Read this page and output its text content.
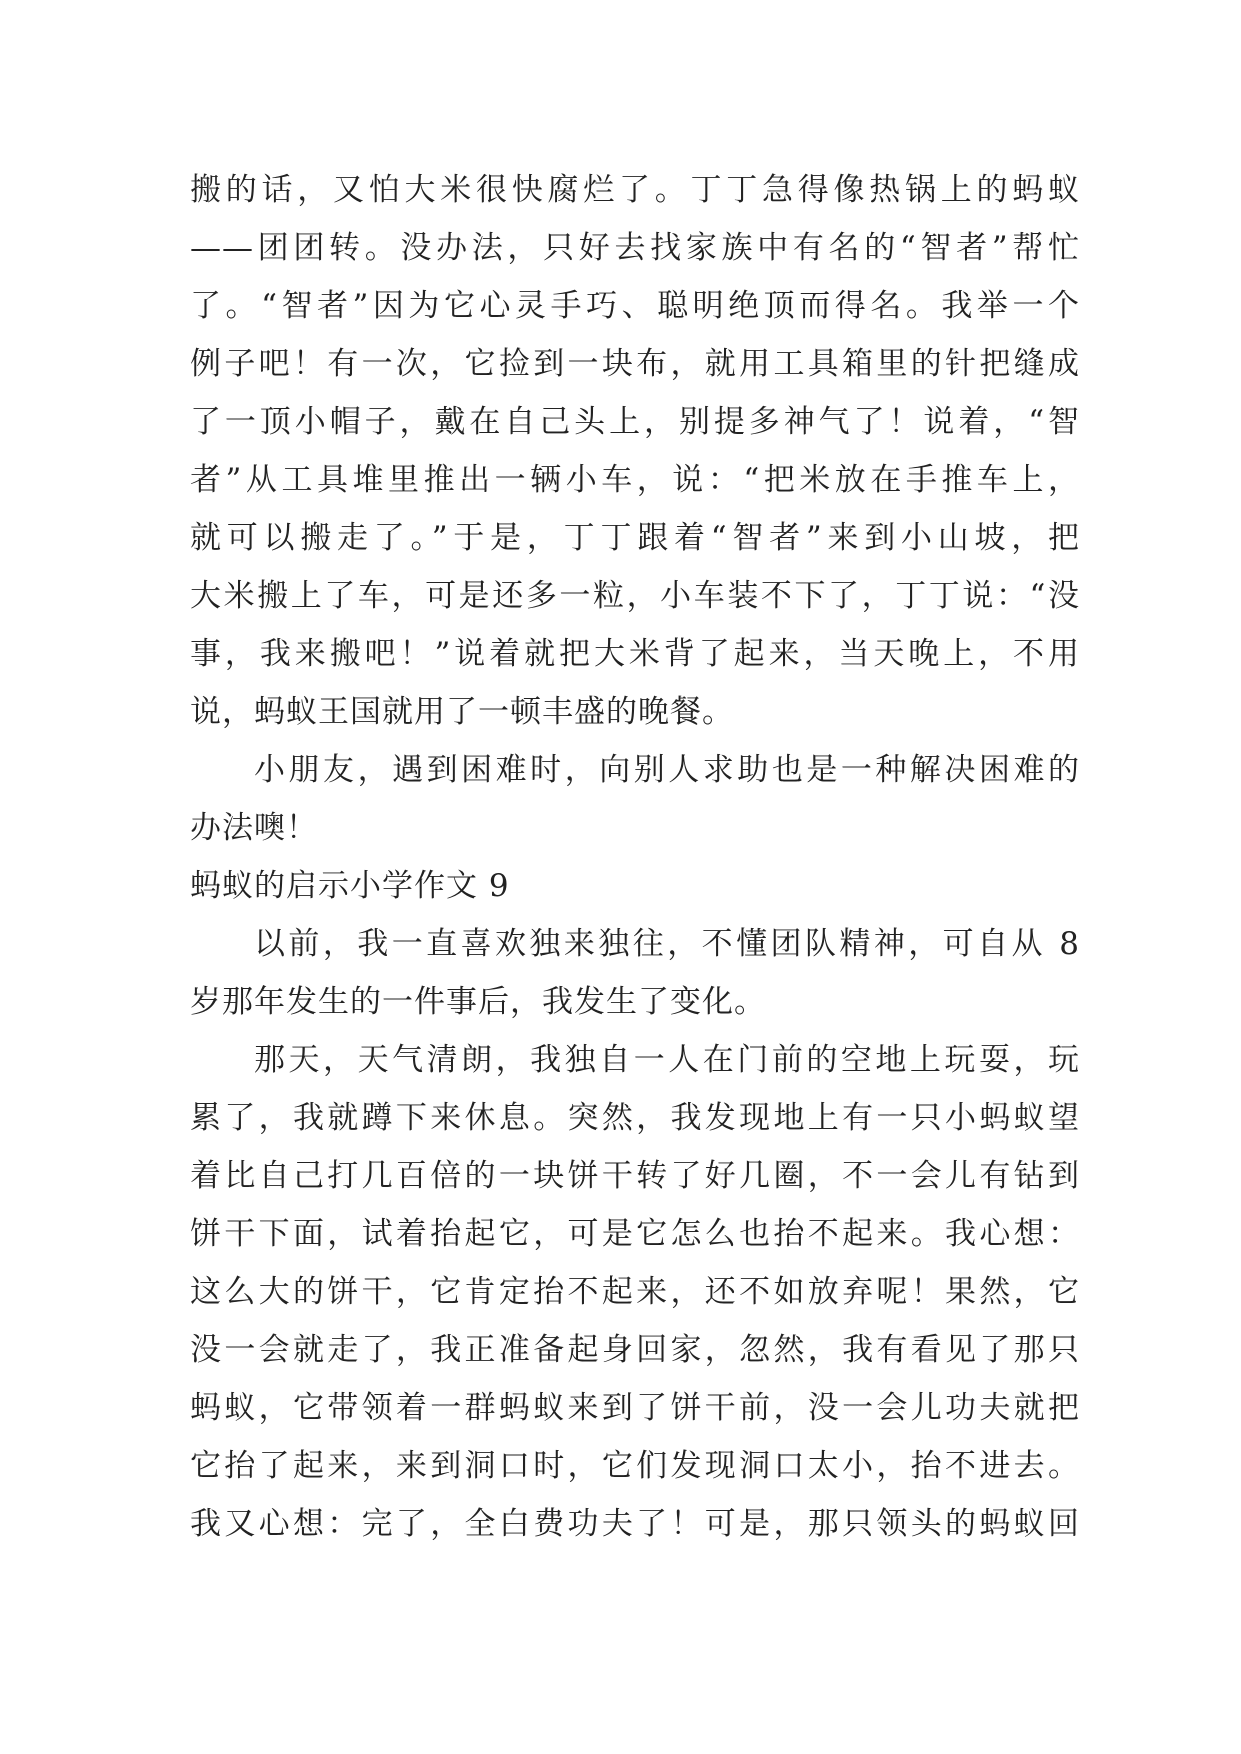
搬的话，又怕大米很快腐烂了。丁丁急得像热锅上的蚂蚁
——团团转。没办法，只好去找家族中有名的“智者”帮忙
了。“智者”因为它心灵手巧、聪明绝顶而得名。我举一个
例子吧！有一次，它捡到一块布，就用工具箱里的针把缝成
了一顶小帽子，戴在自己头上，别提多神气了！说着，“智
者”从工具堆里推出一辆小车，说：“把米放在手推车上，
就可以搬走了。”于是，丁丁跟着“智者”来到小山坡，把
大米搬上了车，可是还多一粒，小车装不下了，丁丁说：“没
事，我来搬吧！”说着就把大米背了起来，当天晚上，不用
说，蚂蚁王国就用了一顿丰盛的晚餐。
小朋友，遇到困难时，向别人求助也是一种解决困难的
办法噢！
蚂蚁的启示小学作文 9
以前，我一直喜欢独来独往，不懂团队精神，可自从 8
岁那年发生的一件事后，我发生了变化。
那天，天气清朗，我独自一人在门前的空地上玩耍，玩
累了，我就蹲下来休息。突然，我发现地上有一只小蚂蚁望
着比自己打几百倍的一块饼干转了好几圈，不一会儿有钻到
饼干下面，试着抬起它，可是它怎么也抬不起来。我心想：
这么大的饼干，它肯定抬不起来，还不如放弃呢！果然，它
没一会就走了，我正准备起身回家，忽然，我有看见了那只
蚂蚁，它带领着一群蚂蚁来到了饼干前，没一会儿功夫就把
它抬了起来，来到洞口时，它们发现洞口太小，抬不进去。
我又心想：完了，全白费功夫了！可是，那只领头的蚂蚁回
